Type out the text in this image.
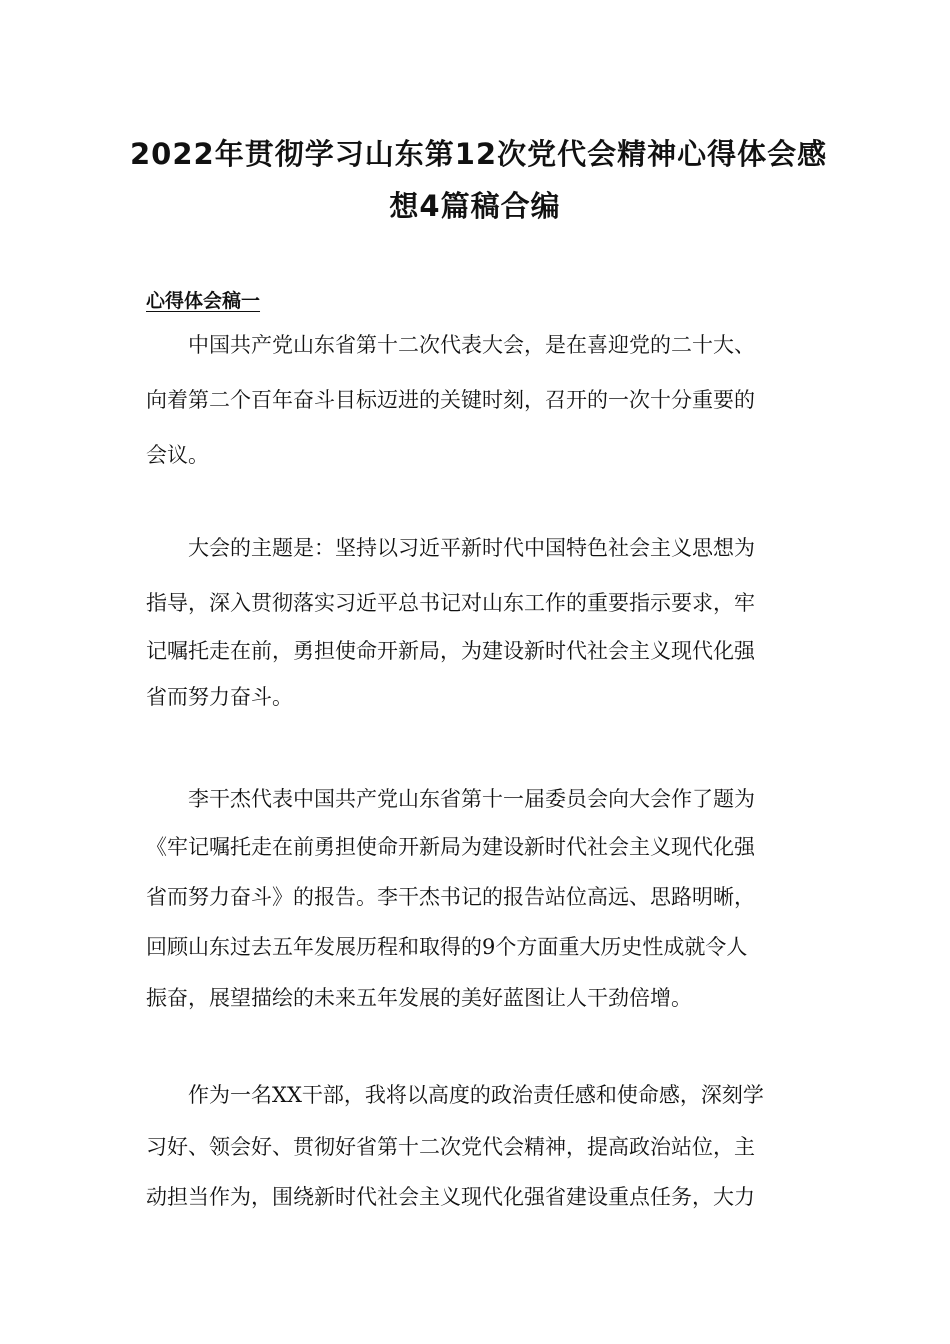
2022年贯彻学习山东第12次党代会精神心得体会感
想4篇稿合编
心得体会稿一

中国共产党山东省第十二次代表大会，是在喜迎党的二十大、

向着第二个百年奋斗目标迈进的关键时刻，召开的一次十分重要的

会议。

大会的主题是：坚持以习近平新时代中国特色社会主义思想为

指导，深入贯彻落实习近平总书记对山东工作的重要指示要求，牢

记嘱托走在前，勇担使命开新局，为建设新时代社会主义现代化强

省而努力奋斗。

李干杰代表中国共产党山东省第十一届委员会向大会作了题为

《牢记嘱托走在前勇担使命开新局为建设新时代社会主义现代化强

省而努力奋斗》的报告。李干杰书记的报告站位高远、思路明晰，

回顾山东过去五年发展历程和取得的9个方面重大历史性成就令人

振奋，展望描绘的未来五年发展的美好蓝图让人干劲倍增。

作为一名XX干部，我将以高度的政治责任感和使命感，深刻学

习好、领会好、贯彻好省第十二次党代会精神，提高政治站位，主

动担当作为，围绕新时代社会主义现代化强省建设重点任务，大力
